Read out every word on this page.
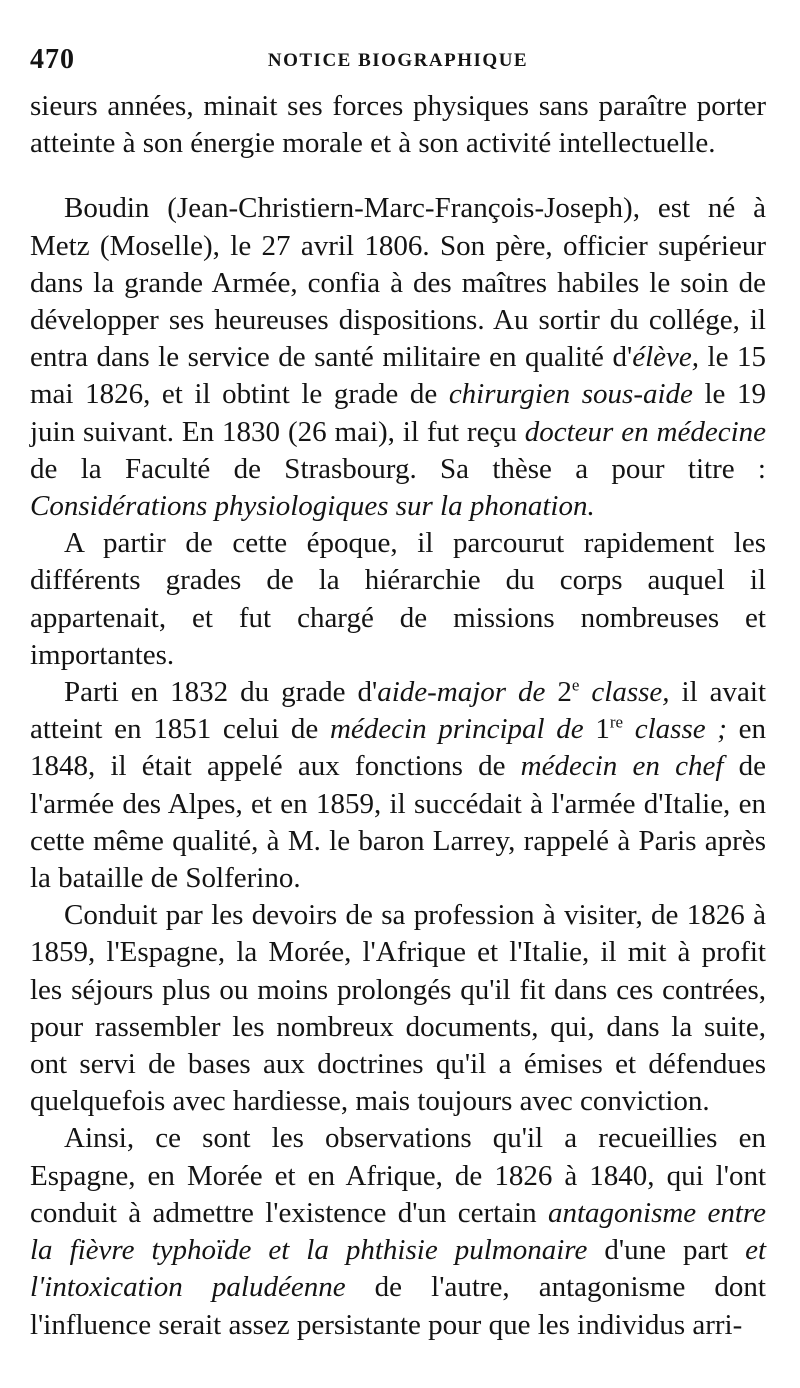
470	NOTICE BIOGRAPHIQUE

sieurs années, minait ses forces physiques sans paraître porter atteinte à son énergie morale et à son activité intellectuelle.

Boudin (Jean-Christiern-Marc-François-Joseph), est né à Metz (Moselle), le 27 avril 1806. Son père, officier supérieur dans la grande Armée, confia à des maîtres habiles le soin de développer ses heureuses dispositions. Au sortir du collége, il entra dans le service de santé militaire en qualité d'élève, le 15 mai 1826, et il obtint le grade de chirurgien sous-aide le 19 juin suivant. En 1830 (26 mai), il fut reçu docteur en médecine de la Faculté de Strasbourg. Sa thèse a pour titre : Considérations physiologiques sur la phonation.

A partir de cette époque, il parcourut rapidement les différents grades de la hiérarchie du corps auquel il appartenait, et fut chargé de missions nombreuses et importantes.

Parti en 1832 du grade d'aide-major de 2e classe, il avait atteint en 1851 celui de médecin principal de 1re classe ; en 1848, il était appelé aux fonctions de médecin en chef de l'armée des Alpes, et en 1859, il succédait à l'armée d'Italie, en cette même qualité, à M. le baron Larrey, rappelé à Paris après la bataille de Solferino.

Conduit par les devoirs de sa profession à visiter, de 1826 à 1859, l'Espagne, la Morée, l'Afrique et l'Italie, il mit à profit les séjours plus ou moins prolongés qu'il fit dans ces contrées, pour rassembler les nombreux documents, qui, dans la suite, ont servi de bases aux doctrines qu'il a émises et défendues quelquefois avec hardiesse, mais toujours avec conviction.

Ainsi, ce sont les observations qu'il a recueillies en Espagne, en Morée et en Afrique, de 1826 à 1840, qui l'ont conduit à admettre l'existence d'un certain antagonisme entre la fièvre typhoïde et la phthisie pulmonaire d'une part et l'intoxication paludéenne de l'autre, antagonisme dont l'influence serait assez persistante pour que les individus arri-
